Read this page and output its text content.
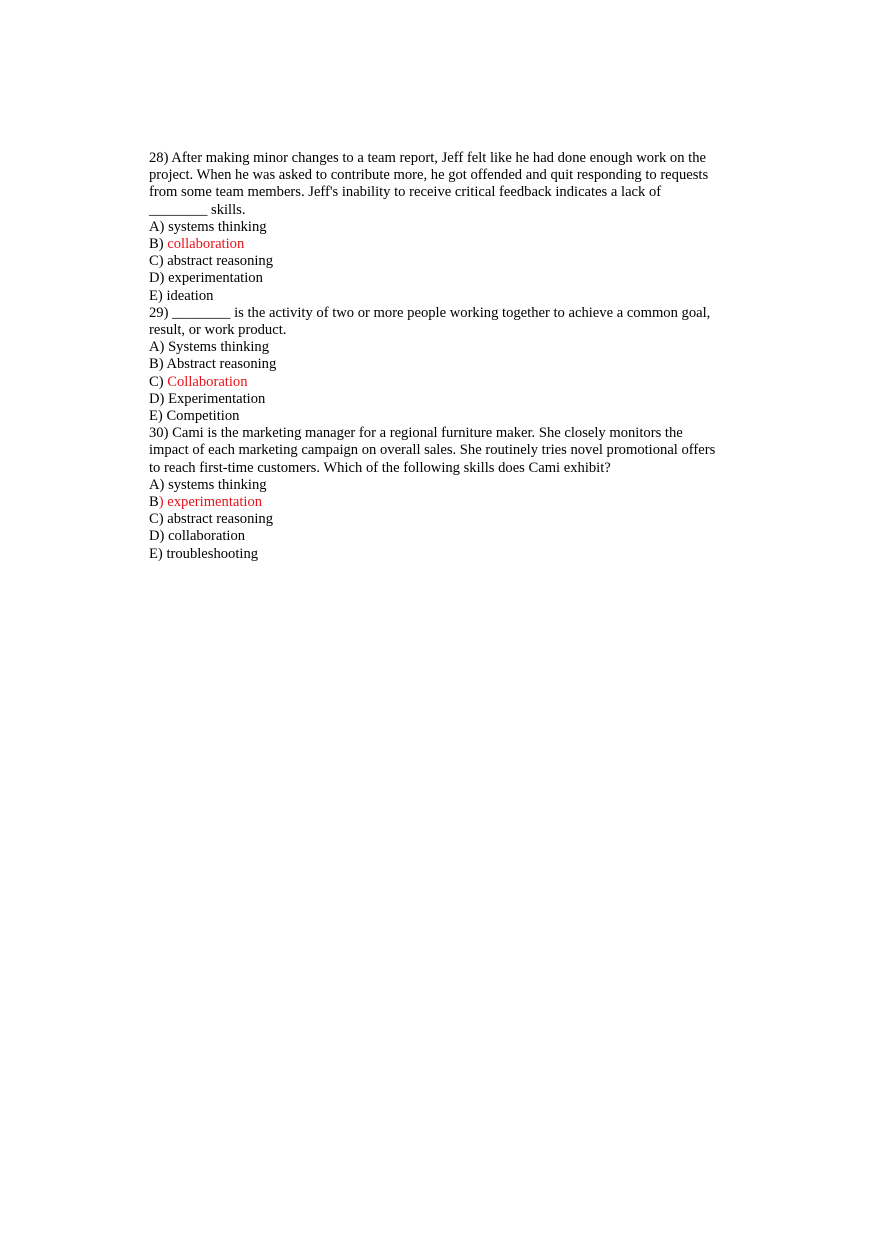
28) After making minor changes to a team report, Jeff felt like he had done enough work on the
project. When he was asked to contribute more, he got offended and quit responding to requests
from some team members. Jeff's inability to receive critical feedback indicates a lack of
________ skills.
A) systems thinking
B) collaboration
C) abstract reasoning
D) experimentation
E) ideation
29) ________ is the activity of two or more people working together to achieve a common goal,
result, or work product.
A) Systems thinking
B) Abstract reasoning
C) Collaboration
D) Experimentation
E) Competition
30) Cami is the marketing manager for a regional furniture maker. She closely monitors the
impact of each marketing campaign on overall sales. She routinely tries novel promotional offers
to reach first-time customers. Which of the following skills does Cami exhibit?
A) systems thinking
B) experimentation
C) abstract reasoning
D) collaboration
E) troubleshooting
